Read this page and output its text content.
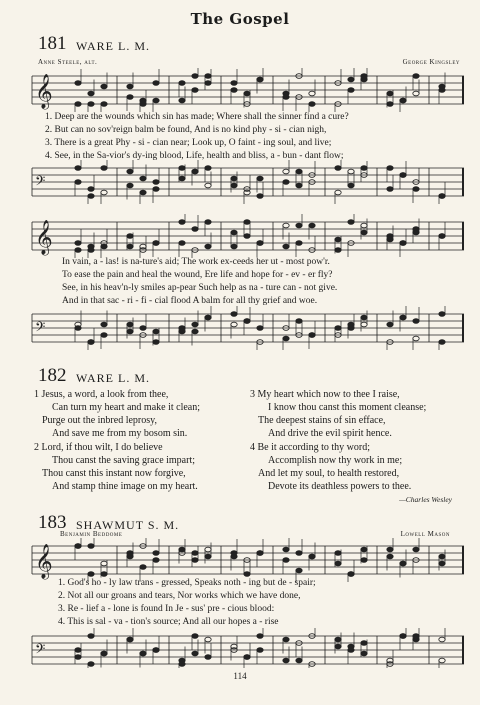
The Gospel
181 WARE L. M.
Anne Steele, alt.	George Kingsley
𝄞
1. Deep are the wounds which sin has made; Where shall the sinner find a cure?
2. But can no sov'reign balm be found, And is no kind phy - si - cian nigh,
3. There is a great Phy - si - cian near; Look up, O faint - ing soul, and live;
4. See, in the Sa-vior's dy-ing blood, Life, health and bliss, a - bun - dant flow;
𝄢
𝄞
In vain, a - las! is na-ture's aid; The work ex-ceeds her ut - most pow'r.
To ease the pain and heal the wound, Ere life and hope for - ev - er fly?
See, in his heav'n-ly smiles ap-pear Such help as na - ture can - not give.
And in that sac - ri - fi - cial flood A balm for all thy grief and woe.
𝄢
182 WARE L. M.
1 Jesus, a word, a look from thee,
Can turn my heart and make it clean;
Purge out the inbred leprosy,
And save me from my bosom sin.
2 Lord, if thou wilt, I do believe
Thou canst the saving grace impart;
Thou canst this instant now forgive,
And stamp thine image on my heart.
3 My heart which now to thee I raise,
I know thou canst this moment cleanse;
The deepest stains of sin efface,
And drive the evil spirit hence.
4 Be it according to thy word;
Accomplish now thy work in me;
And let my soul, to health restored,
Devote its deathless powers to thee.
—Charles Wesley
183 SHAWMUT S. M.
Benjamin Beddome	Lowell Mason
𝄞
1. God's ho - ly law trans - gressed, Speaks noth - ing but de - spair;
2. Not all our groans and tears, Nor works which we have done,
3. Re - lief a - lone is found In Je - sus' pre - cious blood:
4. This is sal - va - tion's source; And all our hopes a - rise
𝄢
114
